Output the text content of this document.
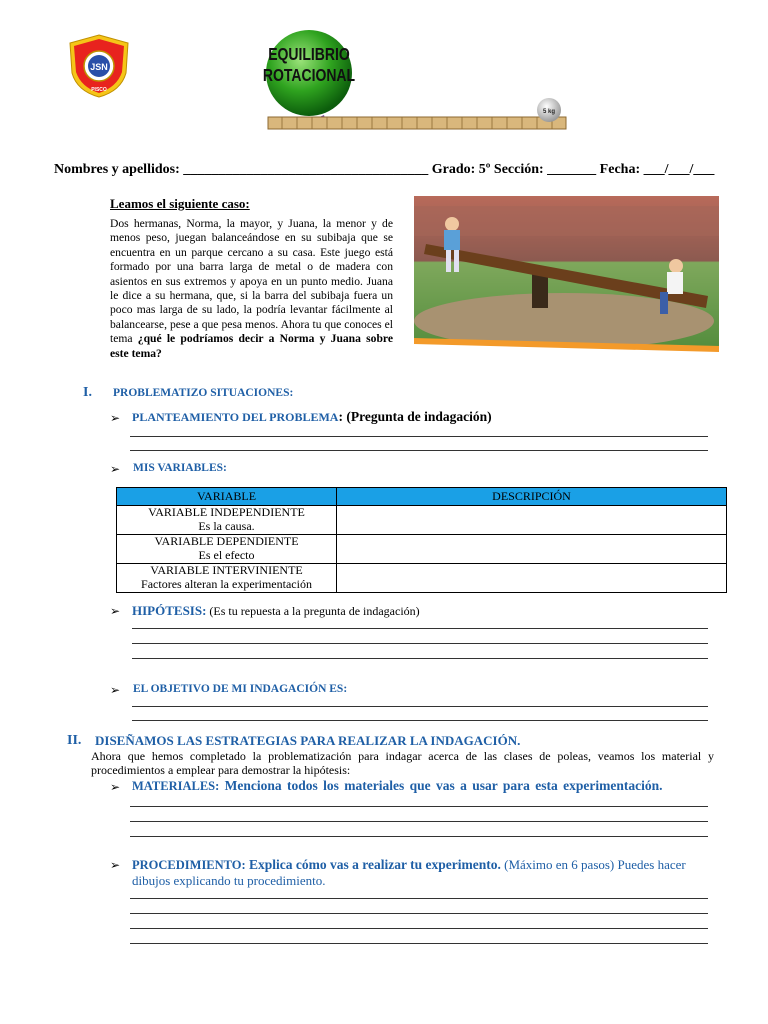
JSN
PISCO
EQUILIBRIO
ROTACIONAL
5 kg
Nombres y apellidos: ___________________________________ Grado: 5º Sección: _______ Fecha: ___/___/___
Leamos el siguiente caso:
Dos hermanas, Norma, la mayor, y Juana, la menor y de menos peso, juegan balanceándose en su subibaja que se encuentra en un parque cercano a su casa. Este juego está formado por una barra larga de metal o de madera con asientos en sus extremos y apoya en un punto medio. Juana le dice a su hermana, que, si la barra del subibaja fuera un poco mas larga de su lado, la podría levantar fácilmente al balancearse, pese a que pesa menos. Ahora tu que conoces el tema ¿qué le podríamos decir a Norma y Juana sobre este tema?
I. PROBLEMATIZO SITUACIONES:
➢ PLANTEAMIENTO DEL PROBLEMA: (Pregunta de indagación)
➢ MIS VARIABLES:
VARIABLE	DESCRIPCIÓN
VARIABLE INDEPENDIENTE
Es la causa.	
VARIABLE DEPENDIENTE
Es el efecto	
VARIABLE INTERVINIENTE
Factores alteran la experimentación	
➢ HIPÓTESIS: (Es tu repuesta a la pregunta de indagación)
➢ EL OBJETIVO DE MI INDAGACIÓN ES:
II. DISEÑAMOS LAS ESTRATEGIAS PARA REALIZAR LA INDAGACIÓN.
Ahora que hemos completado la problematización para indagar acerca de las clases de poleas, veamos los material y procedimientos a emplear para demostrar la hipótesis:
➢ MATERIALES: Menciona todos los materiales que vas a usar para esta experimentación.
➢ PROCEDIMIENTO: Explica cómo vas a realizar tu experimento. (Máximo en 6 pasos) Puedes hacer dibujos explicando tu procedimiento.
